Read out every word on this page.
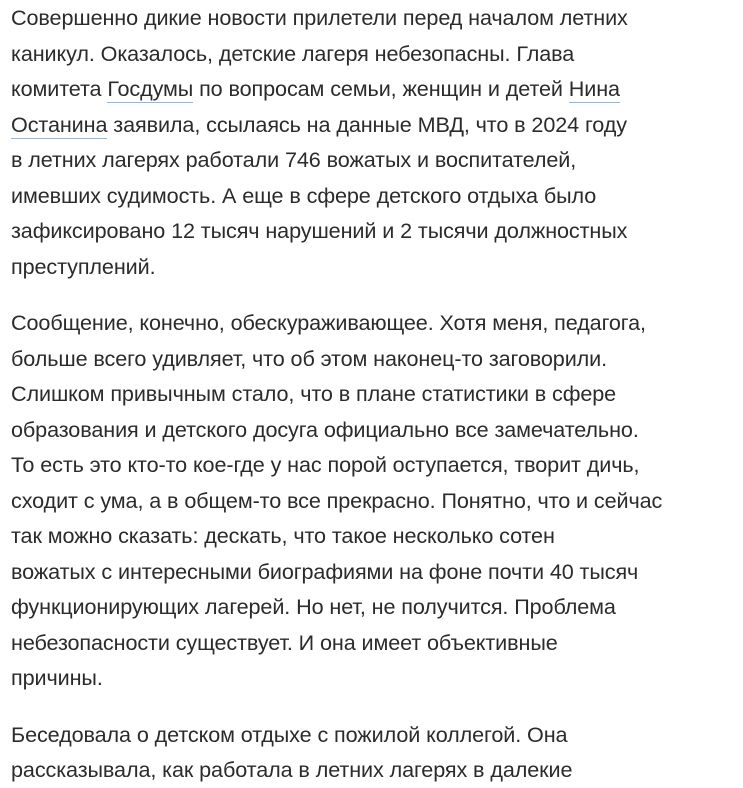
Совершенно дикие новости прилетели перед началом летних
каникул. Оказалось, детские лагеря небезопасны. Глава
комитета Госдумы по вопросам семьи, женщин и детей Нина
Останина заявила, ссылаясь на данные МВД, что в 2024 году
в летних лагерях работали 746 вожатых и воспитателей,
имевших судимость. А еще в сфере детского отдыха было
зафиксировано 12 тысяч нарушений и 2 тысячи должностных
преступлений.

Сообщение, конечно, обескураживающее. Хотя меня, педагога,
больше всего удивляет, что об этом наконец-то заговорили.
Слишком привычным стало, что в плане статистики в сфере
образования и детского досуга официально все замечательно.
То есть это кто-то кое-где у нас порой оступается, творит дичь,
сходит с ума, а в общем-то все прекрасно. Понятно, что и сейчас
так можно сказать: дескать, что такое несколько сотен
вожатых с интересными биографиями на фоне почти 40 тысяч
функционирующих лагерей. Но нет, не получится. Проблема
небезопасности существует. И она имеет объективные
причины.

Беседовала о детском отдыхе с пожилой коллегой. Она
рассказывала, как работала в летних лагерях в далекие
